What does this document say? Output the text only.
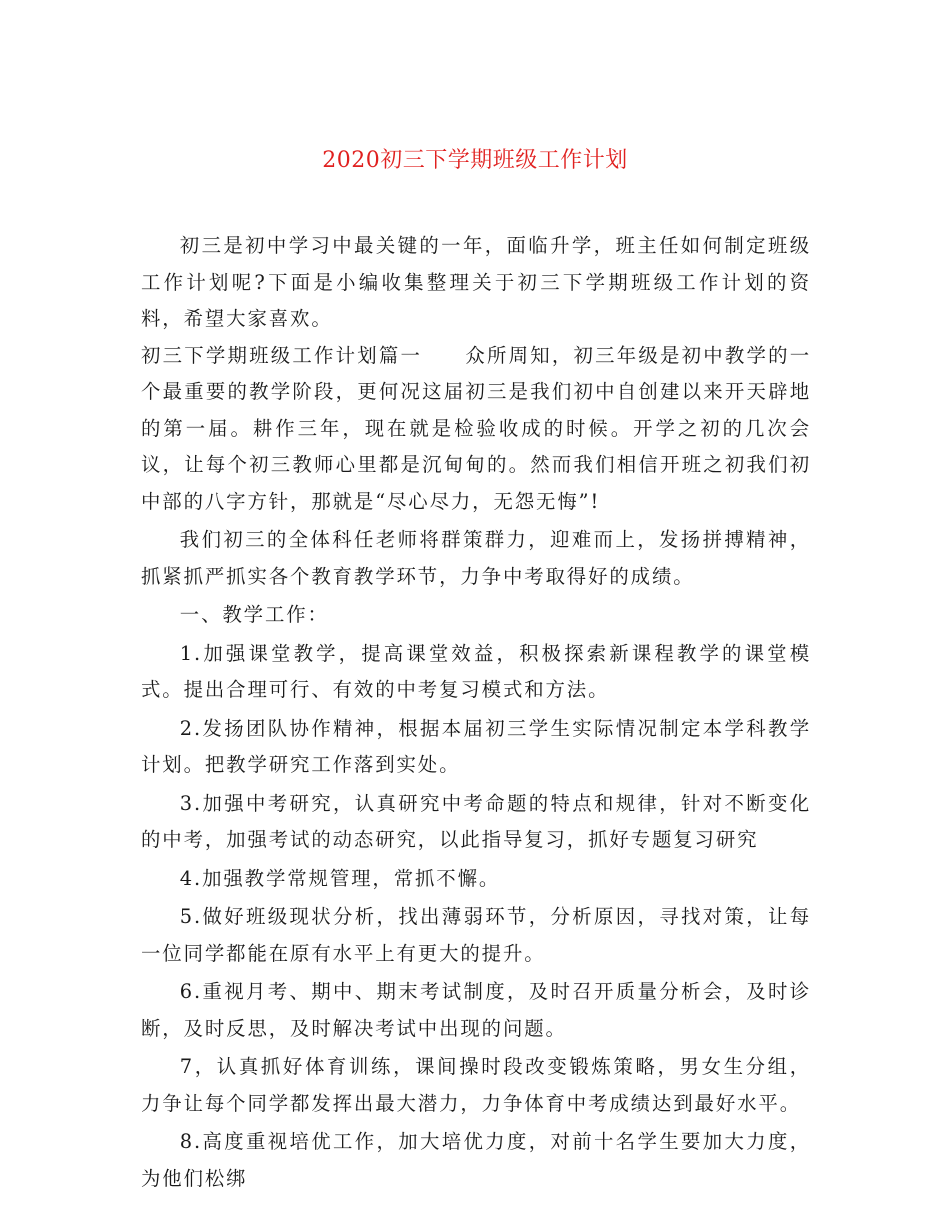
2020初三下学期班级工作计划

初三是初中学习中最关键的一年，面临升学，班主任如何制定班级工作计划呢?下面是小编收集整理关于初三下学期班级工作计划的资料，希望大家喜欢。

初三下学期班级工作计划篇一　　众所周知，初三年级是初中教学的一个最重要的教学阶段，更何况这届初三是我们初中自创建以来开天辟地的第一届。耕作三年，现在就是检验收成的时候。开学之初的几次会议，让每个初三教师心里都是沉甸甸的。然而我们相信开班之初我们初中部的八字方针，那就是“尽心尽力，无怨无悔”!

我们初三的全体科任老师将群策群力，迎难而上，发扬拼搏精神，抓紧抓严抓实各个教育教学环节，力争中考取得好的成绩。

一、教学工作：

1.加强课堂教学，提高课堂效益，积极探索新课程教学的课堂模式。提出合理可行、有效的中考复习模式和方法。

2.发扬团队协作精神，根据本届初三学生实际情况制定本学科教学计划。把教学研究工作落到实处。

3.加强中考研究，认真研究中考命题的特点和规律，针对不断变化的中考，加强考试的动态研究，以此指导复习，抓好专题复习研究

4.加强教学常规管理，常抓不懈。

5.做好班级现状分析，找出薄弱环节，分析原因，寻找对策，让每一位同学都能在原有水平上有更大的提升。

6.重视月考、期中、期末考试制度，及时召开质量分析会，及时诊断，及时反思，及时解决考试中出现的问题。

7，认真抓好体育训练，课间操时段改变锻炼策略，男女生分组，力争让每个同学都发挥出最大潜力，力争体育中考成绩达到最好水平。

8.高度重视培优工作，加大培优力度，对前十名学生要加大力度，为他们松绑
